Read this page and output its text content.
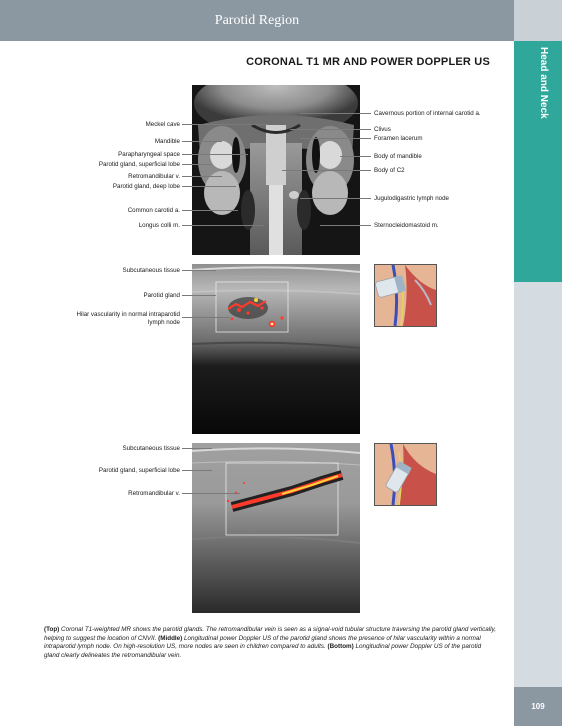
Parotid Region
Head and Neck
CORONAL T1 MR AND POWER DOPPLER US
Meckel cave
Mandible
Parapharyngeal space
Parotid gland, superficial lobe
Retromandibular v.
Parotid gland, deep lobe
Common carotid a.
Longus colli m.
Cavernous portion of internal carotid a.
Clivus
Foramen lacerum
Body of mandible
Body of C2
Jugulodigastric lymph node
Sternocleidomastoid m.
Subcutaneous tissue
Parotid gland
Hilar vascularity in normal intraparotid
lymph node
Subcutaneous tissue
Parotid gland, superficial lobe
Retromandibular v.
(Top) Coronal T1-weighted MR shows the parotid glands. The retromandibular vein is seen as a signal-void tubular structure traversing the parotid gland vertically, helping to suggest the location of CNVII. (Middle) Longitudinal power Doppler US of the parotid gland shows the presence of hilar vascularity within a normal intraparotid lymph node. On high-resolution US, more nodes are seen in children compared to adults. (Bottom) Longitudinal power Doppler US of the parotid gland clearly delineates the retromandibular vein.
109
